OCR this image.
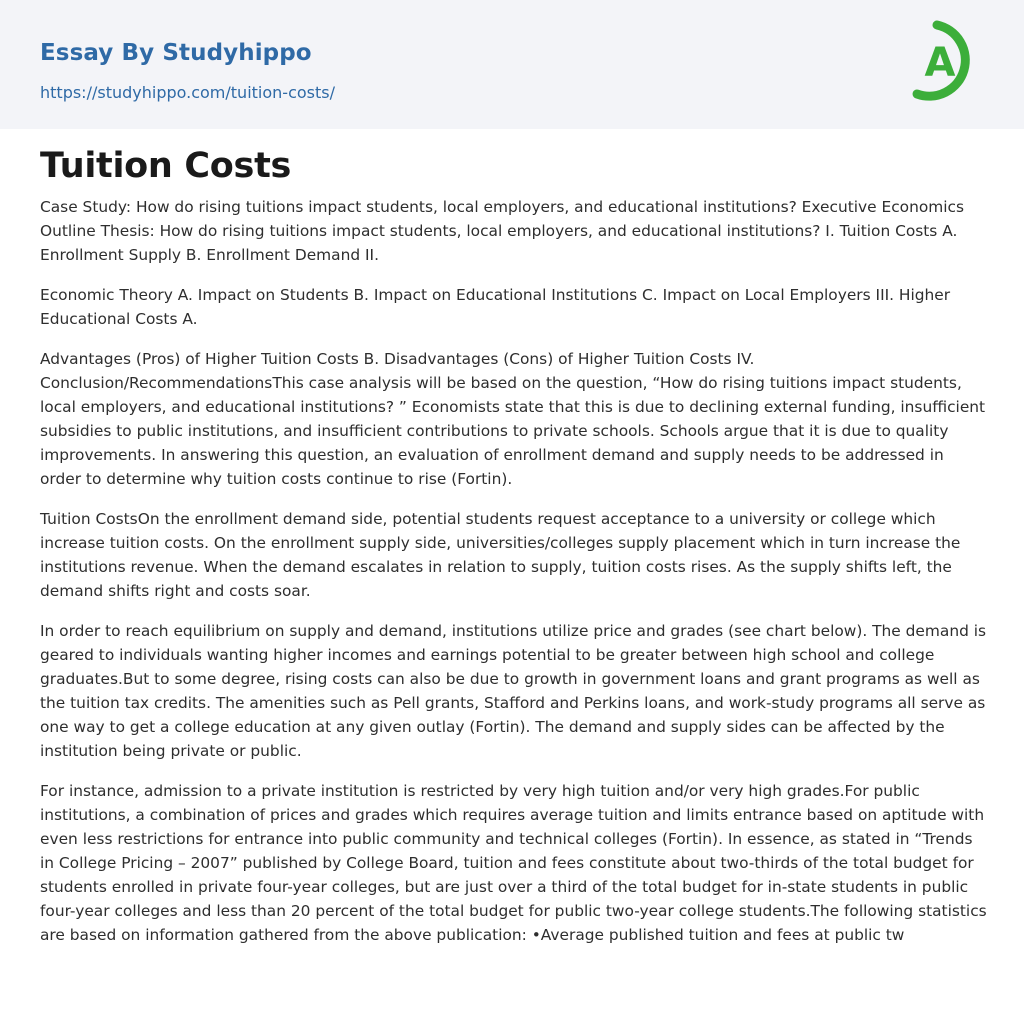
Essay By Studyhippo
https://studyhippo.com/tuition-costs/
A
Tuition Costs

Case Study: How do rising tuitions impact students, local employers, and educational institutions? Executive Economics Outline Thesis: How do rising tuitions impact students, local employers, and educational institutions? I. Tuition Costs A. Enrollment Supply B. Enrollment Demand II.

Economic Theory A. Impact on Students B. Impact on Educational Institutions C. Impact on Local Employers III. Higher Educational Costs A.

Advantages (Pros) of Higher Tuition Costs B. Disadvantages (Cons) of Higher Tuition Costs IV. Conclusion/RecommendationsThis case analysis will be based on the question, “How do rising tuitions impact students, local employers, and educational institutions? ” Economists state that this is due to declining external funding, insufficient subsidies to public institutions, and insufficient contributions to private schools. Schools argue that it is due to quality improvements. In answering this question, an evaluation of enrollment demand and supply needs to be addressed in order to determine why tuition costs continue to rise (Fortin).

Tuition CostsOn the enrollment demand side, potential students request acceptance to a university or college which increase tuition costs. On the enrollment supply side, universities/colleges supply placement which in turn increase the institutions revenue. When the demand escalates in relation to supply, tuition costs rises. As the supply shifts left, the demand shifts right and costs soar.

In order to reach equilibrium on supply and demand, institutions utilize price and grades (see chart below). The demand is geared to individuals wanting higher incomes and earnings potential to be greater between high school and college graduates.But to some degree, rising costs can also be due to growth in government loans and grant programs as well as the tuition tax credits. The amenities such as Pell grants, Stafford and Perkins loans, and work-study programs all serve as one way to get a college education at any given outlay (Fortin). The demand and supply sides can be affected by the institution being private or public.

For instance, admission to a private institution is restricted by very high tuition and/or very high grades.For public institutions, a combination of prices and grades which requires average tuition and limits entrance based on aptitude with even less restrictions for entrance into public community and technical colleges (Fortin). In essence, as stated in “Trends in College Pricing – 2007” published by College Board, tuition and fees constitute about two-thirds of the total budget for students enrolled in private four-year colleges, but are just over a third of the total budget for in-state students in public four-year colleges and less than 20 percent of the total budget for public two-year college students.The following statistics are based on information gathered from the above publication: •Average published tuition and fees at public tw
